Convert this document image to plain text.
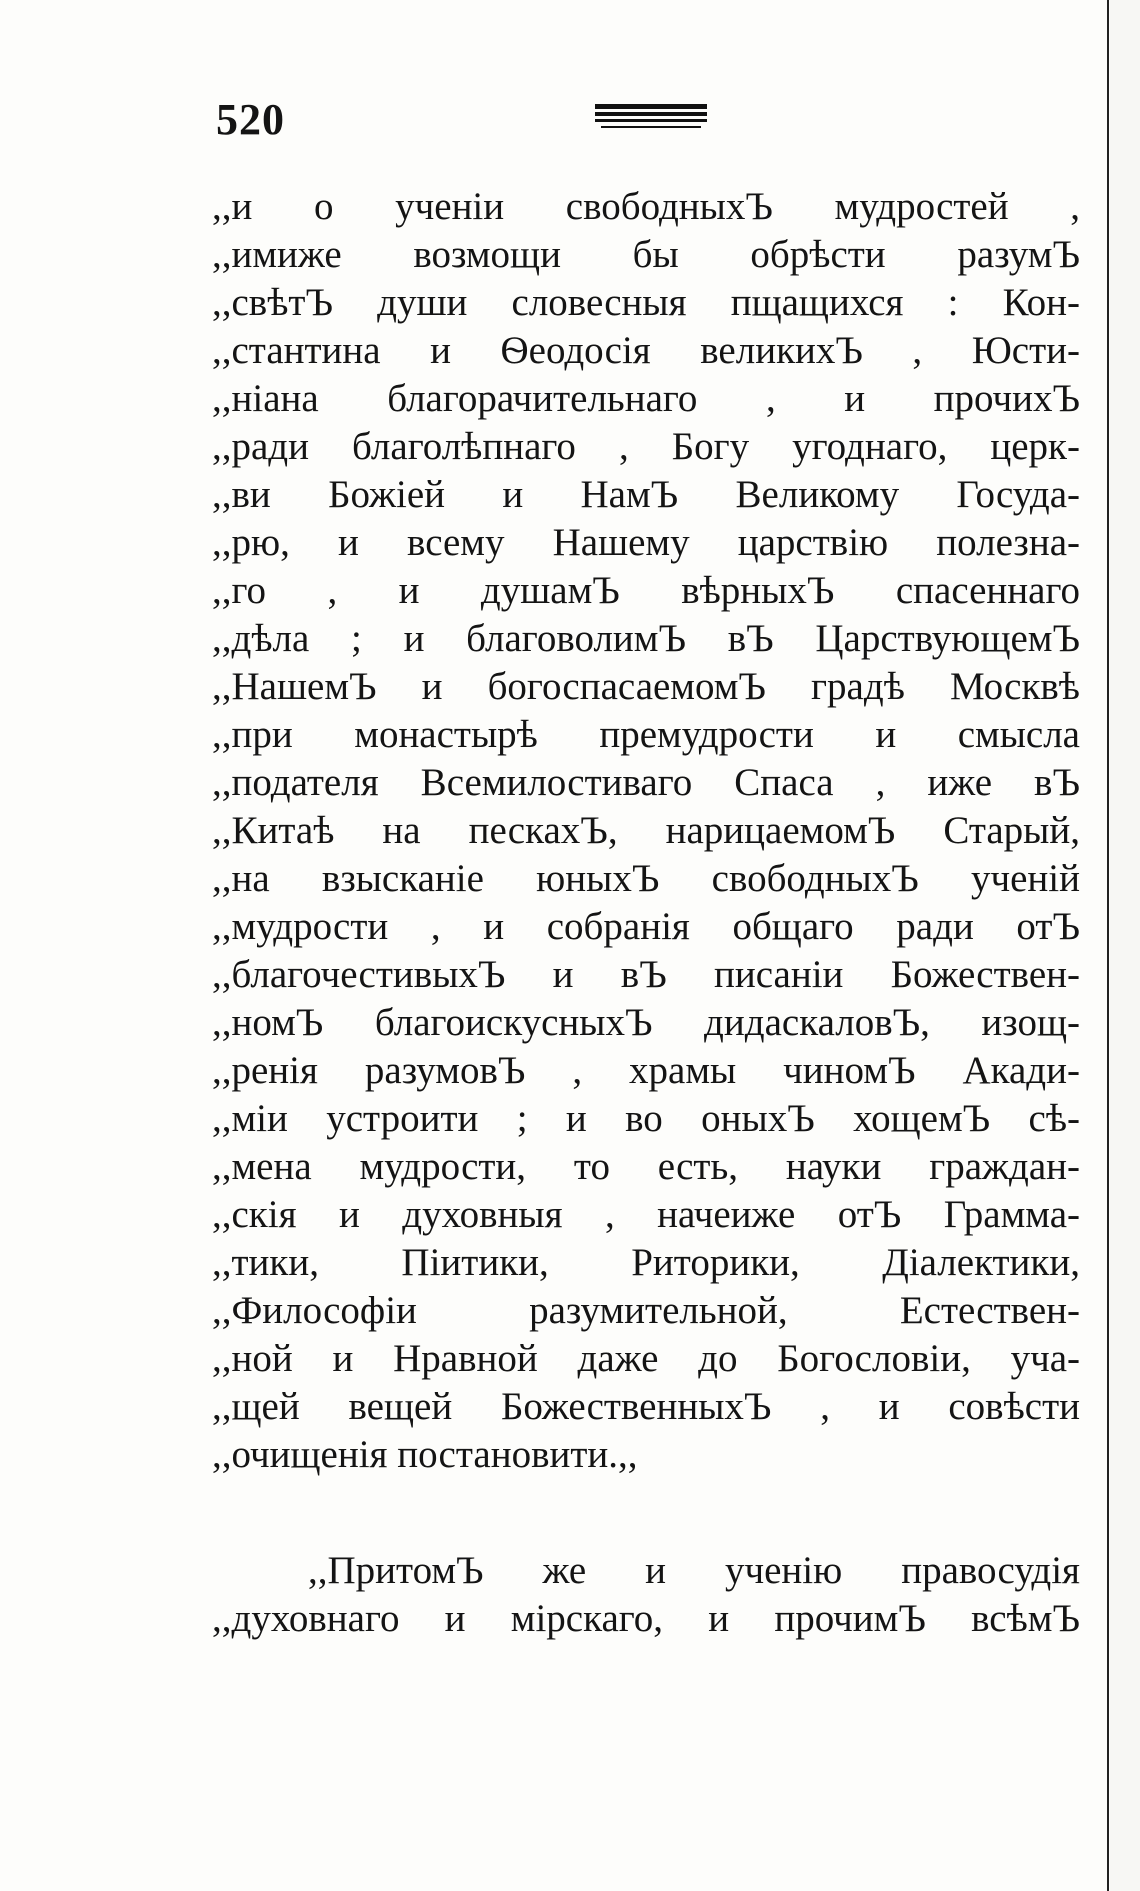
520
,,и о ученіи свободныхЪ мудростей ,
,,имиже возмощи бы обрѣсти разумЪ
,,свѣтЪ души словесныя пщащихся : Кон-
,,стантина и Ѳеодосія великихЪ , Юсти-
,,ніана благорачительнаго , и прочихЪ
,,ради благолѣпнаго , Богу угоднаго, церк-
,,ви Божіей и НамЪ Великому Госуда-
,,рю, и всему Нашему царствію полезна-
,,го , и душамЪ вѣрныхЪ спасеннаго
,,дѣла ; и благоволимЪ вЪ ЦарствующемЪ
,,НашемЪ и богоспасаемомЪ градѣ Москвѣ
,,при монастырѣ премудрости и смысла
,,подателя Всемилостиваго Спаса , иже вЪ
,,Китаѣ на пескахЪ, нарицаемомЪ Старый,
,,на взысканіе юныхЪ свободныхЪ ученій
,,мудрости , и собранія общаго ради отЪ
,,благочестивыхЪ и вЪ писаніи Божествен-
,,номЪ благоискусныхЪ дидаскаловЪ, изощ-
,,ренія разумовЪ , храмы чиномЪ Акади-
,,міи устроити ; и во оныхЪ хощемЪ сѣ-
,,мена мудрости, то есть, науки граждан-
,,скія и духовныя , начеиже отЪ Грамма-
,,тики, Піитики, Риторики, Діалектики,
,,Философіи разумительной, Естествен-
,,ной и Нравной даже до Богословіи, уча-
,,щей вещей БожественныхЪ , и совѣсти
,,очищенія постановити.,,
,,ПритомЪ же и ученію правосудія
,,духовнаго и мірскаго, и прочимЪ всѣмЪ
